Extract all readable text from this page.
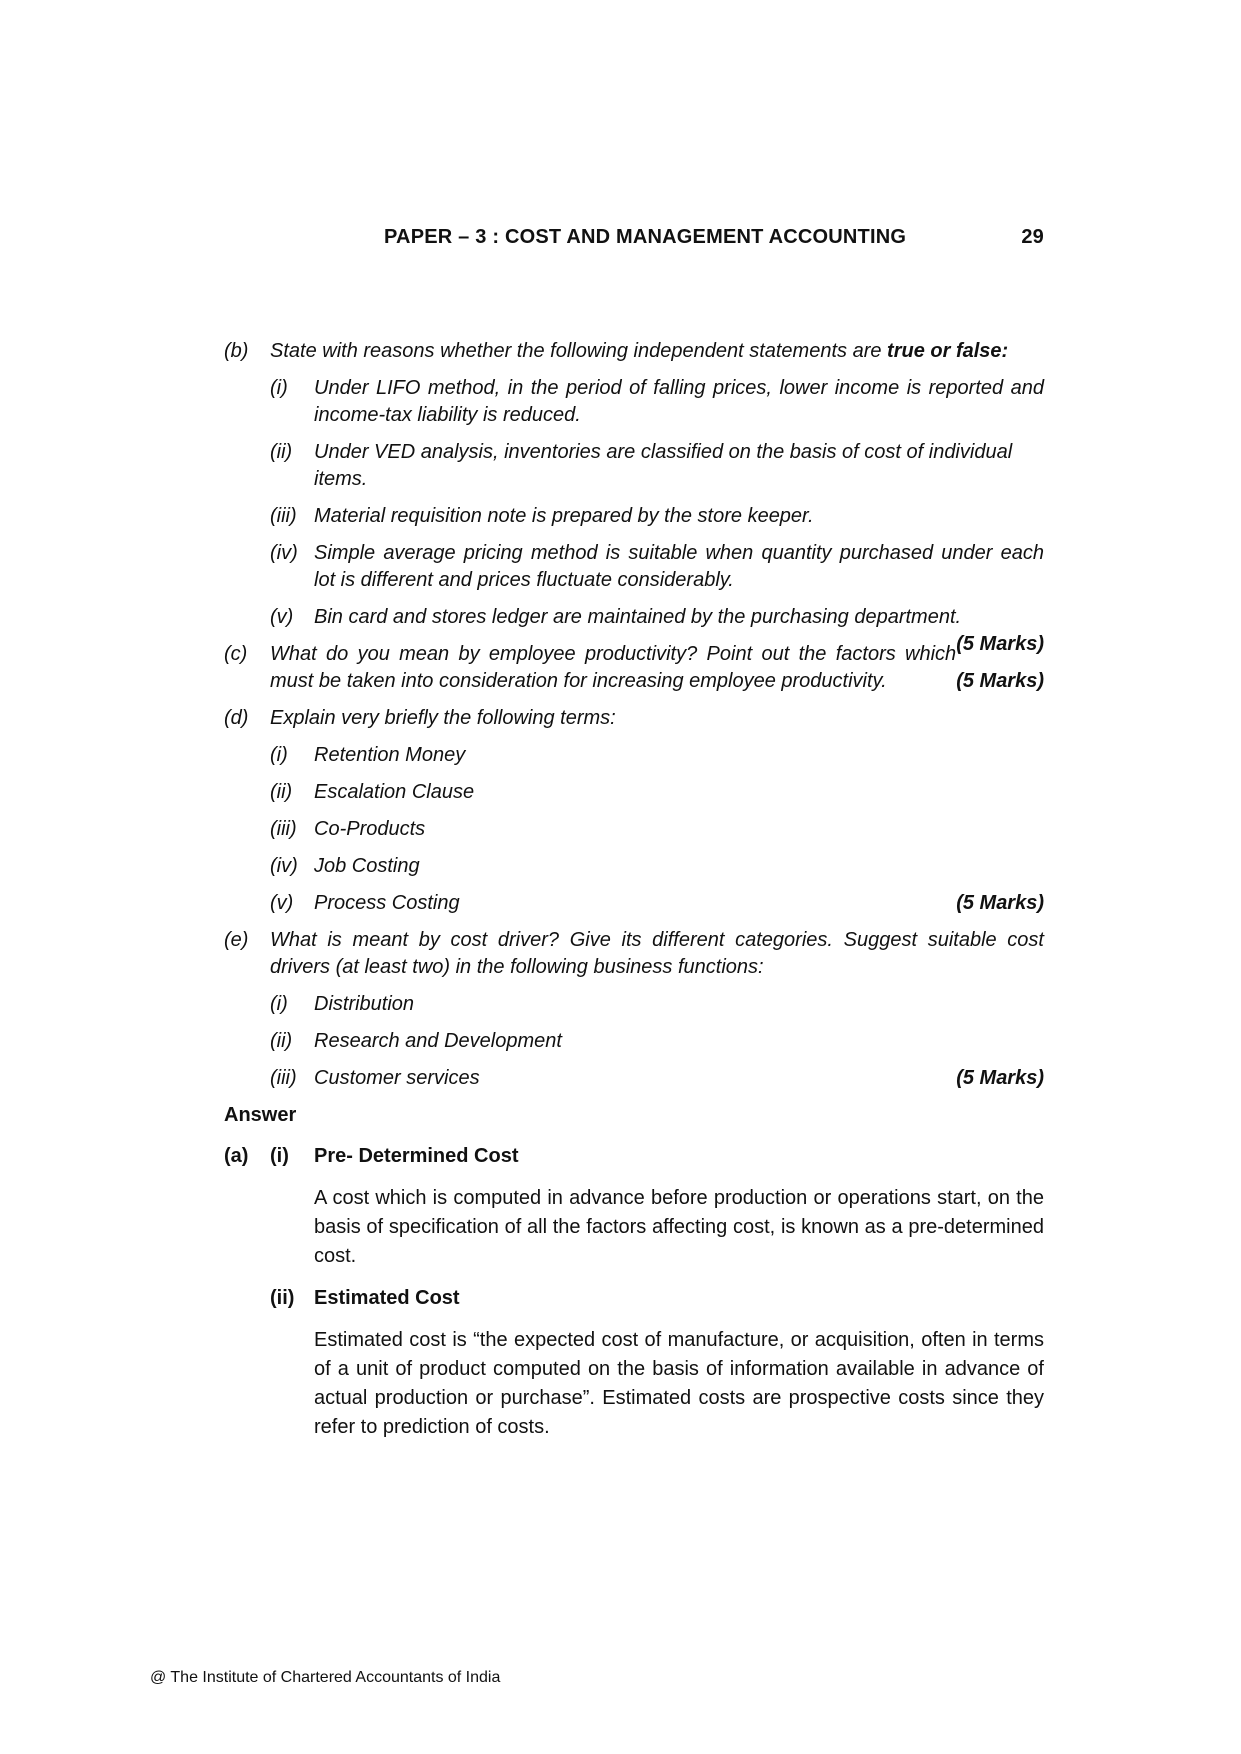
PAPER – 3 : COST AND MANAGEMENT ACCOUNTING	29
(b) State with reasons whether the following independent statements are true or false:

(i) Under LIFO method, in the period of falling prices, lower income is reported and income-tax liability is reduced.

(ii) Under VED analysis, inventories are classified on the basis of cost of individual items.

(iii) Material requisition note is prepared by the store keeper.

(iv) Simple average pricing method is suitable when quantity purchased under each lot is different and prices fluctuate considerably.

(v) Bin card and stores ledger are maintained by the purchasing department.
(5 Marks)

(c) What do you mean by employee productivity? Point out the factors which must be taken into consideration for increasing employee productivity.	(5 Marks)

(d) Explain very briefly the following terms:

(i) Retention Money

(ii) Escalation Clause

(iii) Co-Products

(iv) Job Costing

(v) Process Costing	(5 Marks)

(e) What is meant by cost driver? Give its different categories. Suggest suitable cost drivers (at least two) in the following business functions:

(i) Distribution

(ii) Research and Development

(iii) Customer services	(5 Marks)

Answer
(a) (i) Pre- Determined Cost

A cost which is computed in advance before production or operations start, on the basis of specification of all the factors affecting cost, is known as a pre-determined cost.

(ii) Estimated Cost

Estimated cost is “the expected cost of manufacture, or acquisition, often in terms of a unit of product computed on the basis of information available in advance of actual production or purchase”. Estimated costs are prospective costs since they refer to prediction of costs.

@ The Institute of Chartered Accountants of India
